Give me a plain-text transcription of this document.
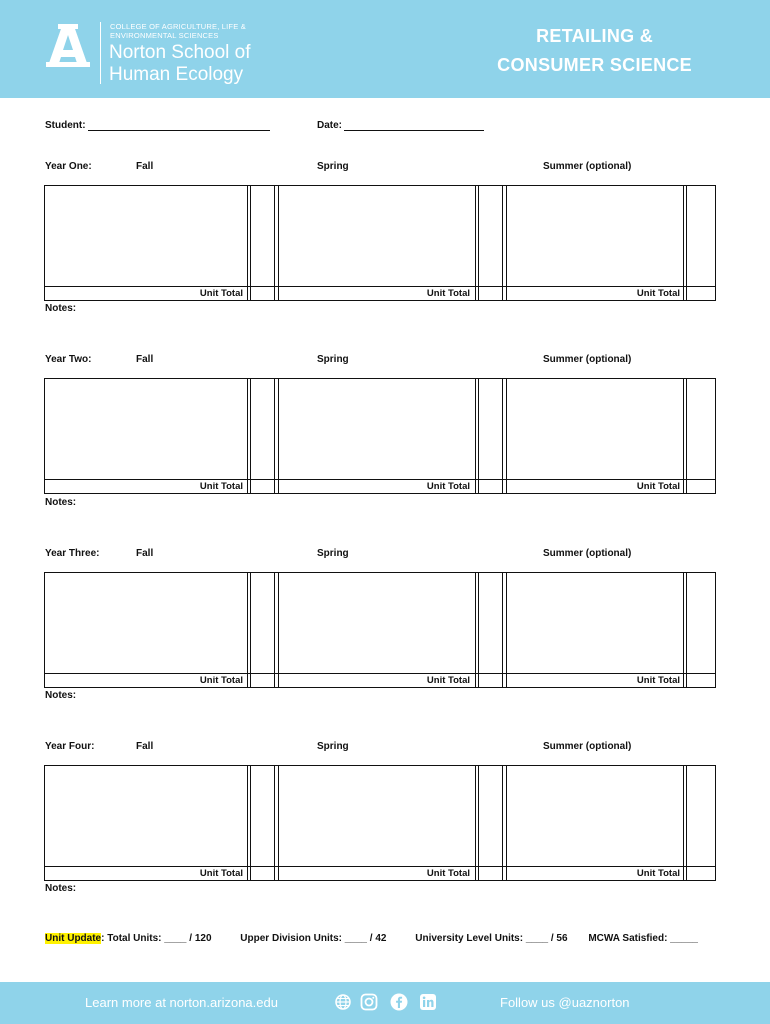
COLLEGE OF AGRICULTURE, LIFE & ENVIRONMENTAL SCIENCES
Norton School of
Human Ecology
RETAILING &
CONSUMER SCIENCE
Student:	Date:
Year One:	Fall	Spring	Summer (optional)
Unit Total	Unit Total	Unit Total
Notes:
Year Two:	Fall	Spring	Summer (optional)
Unit Total	Unit Total	Unit Total
Notes:
Year Three:	Fall	Spring	Summer (optional)
Unit Total	Unit Total	Unit Total
Notes:
Year Four:	Fall	Spring	Summer (optional)
Unit Total	Unit Total	Unit Total
Notes:
Unit Update: Total Units: ____ / 120	Upper Division Units: ____ / 42	University Level Units: ____ / 56 MCWA Satisfied: _____
Learn more at norton.arizona.edu	Follow us @uaznorton
